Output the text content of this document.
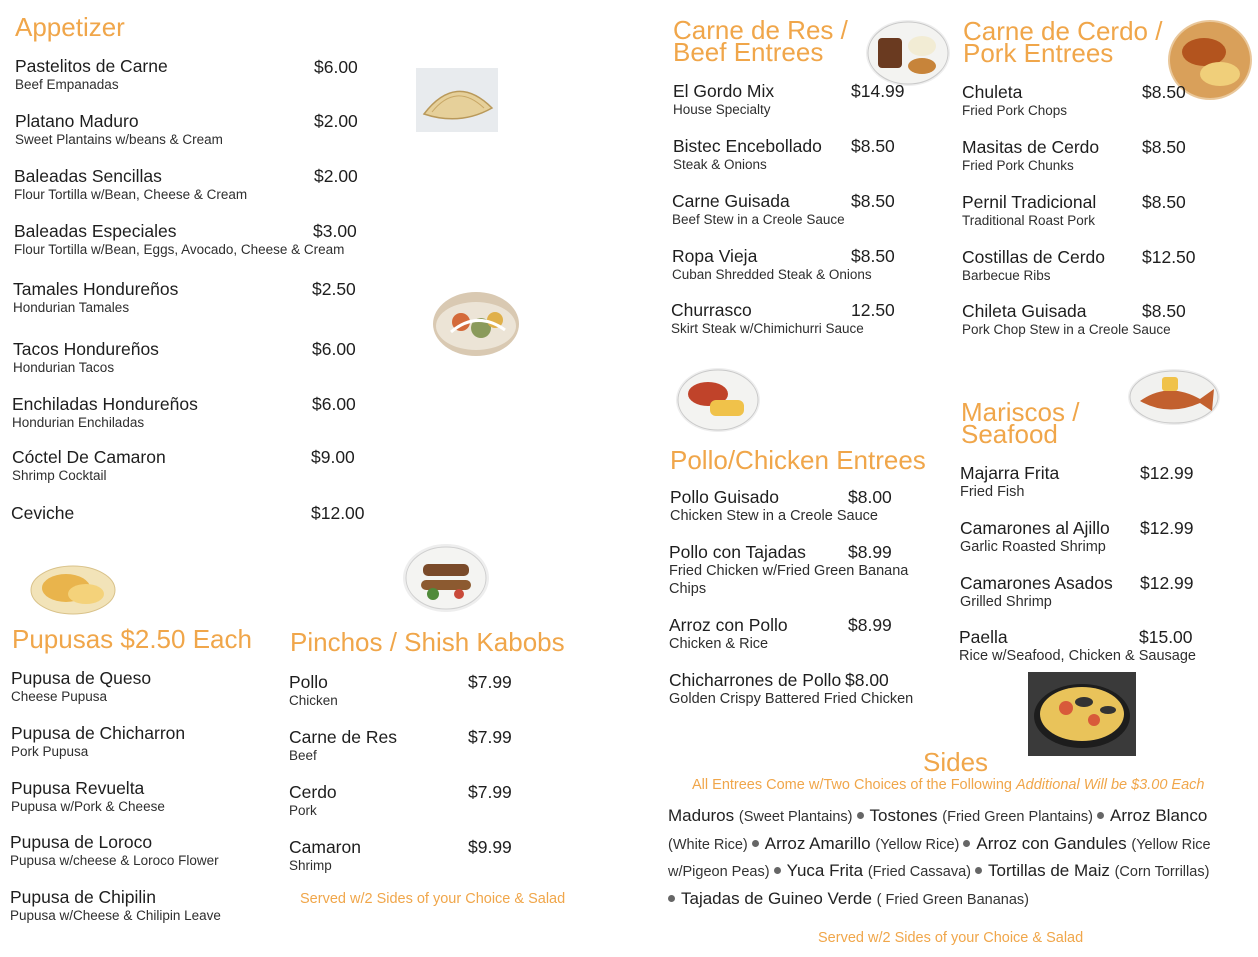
Appetizer
Pastelitos de Carne
Beef Empanadas
$6.00
Platano Maduro
Sweet Plantains w/beans & Cream
$2.00
Baleadas Sencillas
Flour Tortilla w/Bean, Cheese & Cream
$2.00
Baleadas Especiales
Flour Tortilla w/Bean, Eggs, Avocado, Cheese & Cream
$3.00
Tamales Hondureños
Hondurian Tamales
$2.50
Tacos Hondureños
Hondurian Tacos
$6.00
Enchiladas Hondureños
Hondurian Enchiladas
$6.00
Cóctel De Camaron
Shrimp Cocktail
$9.00
Ceviche	$12.00
Pupusas $2.50 Each
Pupusa de Queso
Cheese Pupusa
Pupusa de Chicharron
Pork Pupusa
Pupusa Revuelta
Pupusa w/Pork & Cheese
Pupusa de Loroco
Pupusa w/cheese & Loroco Flower
Pupusa de Chipilin
Pupusa w/Cheese & Chilipin Leave
Pinchos / Shish Kabobs
Pollo
Chicken
$7.99
Carne de Res
Beef
$7.99
Cerdo
Pork
$7.99
Camaron
Shrimp
$9.99
Served w/2 Sides of your Choice & Salad
Carne de Res /
Beef Entrees
El Gordo Mix
House Specialty
$14.99
Bistec Encebollado
Steak & Onions
$8.50
Carne Guisada
Beef Stew in a Creole Sauce
$8.50
Ropa Vieja
Cuban Shredded Steak & Onions
$8.50
Churrasco
Skirt Steak w/Chimichurri Sauce
12.50
Carne de Cerdo /
Pork Entrees
Chuleta
Fried Pork Chops
$8.50
Masitas de Cerdo
Fried Pork Chunks
$8.50
Pernil Tradicional
Traditional Roast Pork
$8.50
Costillas de Cerdo
Barbecue Ribs
$12.50
Chileta Guisada
Pork Chop Stew in a Creole Sauce
$8.50
Pollo/Chicken Entrees
Pollo Guisado
Chicken Stew in a Creole Sauce
$8.00
Pollo con Tajadas
Fried Chicken w/Fried Green Banana
Chips
$8.99
Arroz con Pollo
Chicken & Rice
$8.99
Chicharrones de Pollo
Golden Crispy Battered Fried Chicken
$8.00
Mariscos /
Seafood
Majarra Frita
Fried Fish
$12.99
Camarones al Ajillo
Garlic Roasted Shrimp
$12.99
Camarones Asados
Grilled Shrimp
$12.99
Paella
Rice w/Seafood, Chicken & Sausage
$15.00
Sides
All Entrees Come w/Two Choices of the Following Additional Will be $3.00 Each
Maduros (Sweet Plantains) Tostones (Fried Green Plantains) Arroz Blanco (White Rice) Arroz Amarillo (Yellow Rice) Arroz con Gandules (Yellow Rice w/Pigeon Peas) Yuca Frita (Fried Cassava) Tortillas de Maiz (Corn Torrillas)
Tajadas de Guineo Verde ( Fried Green Bananas)
Served w/2 Sides of your Choice & Salad
